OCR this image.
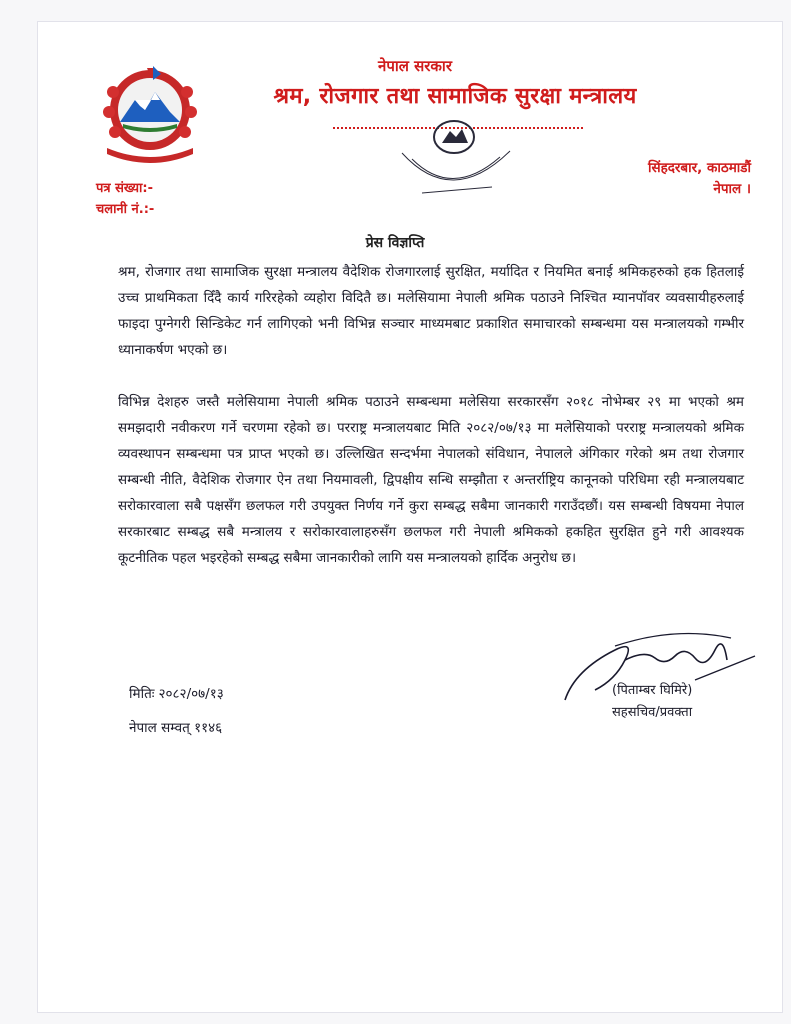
नेपाल सरकार
श्रम, रोजगार तथा सामाजिक सुरक्षा मन्त्रालय
पत्र संख्या:-
चलानी नं.:-
सिंहदरबार, काठमाडौं
नेपाल ।
प्रेस विज्ञप्ति
श्रम, रोजगार तथा सामाजिक सुरक्षा मन्त्रालय वैदेशिक रोजगारलाई सुरक्षित, मर्यादित र नियमित बनाई श्रमिकहरुको हक हितलाई उच्च प्राथमिकता दिँदै कार्य गरिरहेको व्यहोरा विदितै छ। मलेसियामा नेपाली श्रमिक पठाउने निश्चित म्यानपॉवर व्यवसायीहरुलाई फाइदा पुग्नेगरी सिन्डिकेट गर्न लागिएको भनी विभिन्न सञ्चार माध्यमबाट प्रकाशित समाचारको सम्बन्धमा यस मन्त्रालयको गम्भीर ध्यानाकर्षण भएको छ।
विभिन्न देशहरु जस्तै मलेसियामा नेपाली श्रमिक पठाउने सम्बन्धमा मलेसिया सरकारसँग २०१८ नोभेम्बर २९ मा भएको श्रम समझदारी नवीकरण गर्ने चरणमा रहेको छ। परराष्ट्र मन्त्रालयबाट मिति २०८२/०७/१३ मा मलेसियाको परराष्ट्र मन्त्रालयको श्रमिक व्यवस्थापन सम्बन्धमा पत्र प्राप्त भएको छ। उल्लिखित सन्दर्भमा नेपालको संविधान, नेपालले अंगिकार गरेको श्रम तथा रोजगार सम्बन्धी नीति, वैदेशिक रोजगार ऐन तथा नियमावली, द्विपक्षीय सन्धि सम्झौता र अन्तर्राष्ट्रिय कानूनको परिधिमा रही मन्त्रालयबाट सरोकारवाला सबै पक्षसँग छलफल गरी उपयुक्त निर्णय गर्ने कुरा सम्बद्ध सबैमा जानकारी गराउँदछौं। यस सम्बन्धी विषयमा नेपाल सरकारबाट सम्बद्ध सबै मन्त्रालय र सरोकारवालाहरुसँग छलफल गरी नेपाली श्रमिकको हकहित सुरक्षित हुने गरी आवश्यक कूटनीतिक पहल भइरहेको सम्बद्ध सबैमा जानकारीको लागि यस मन्त्रालयको हार्दिक अनुरोध छ।
(पिताम्बर घिमिरे)
सहसचिव/प्रवक्ता
मितिः २०८२/०७/१३
नेपाल सम्वत् ११४६
